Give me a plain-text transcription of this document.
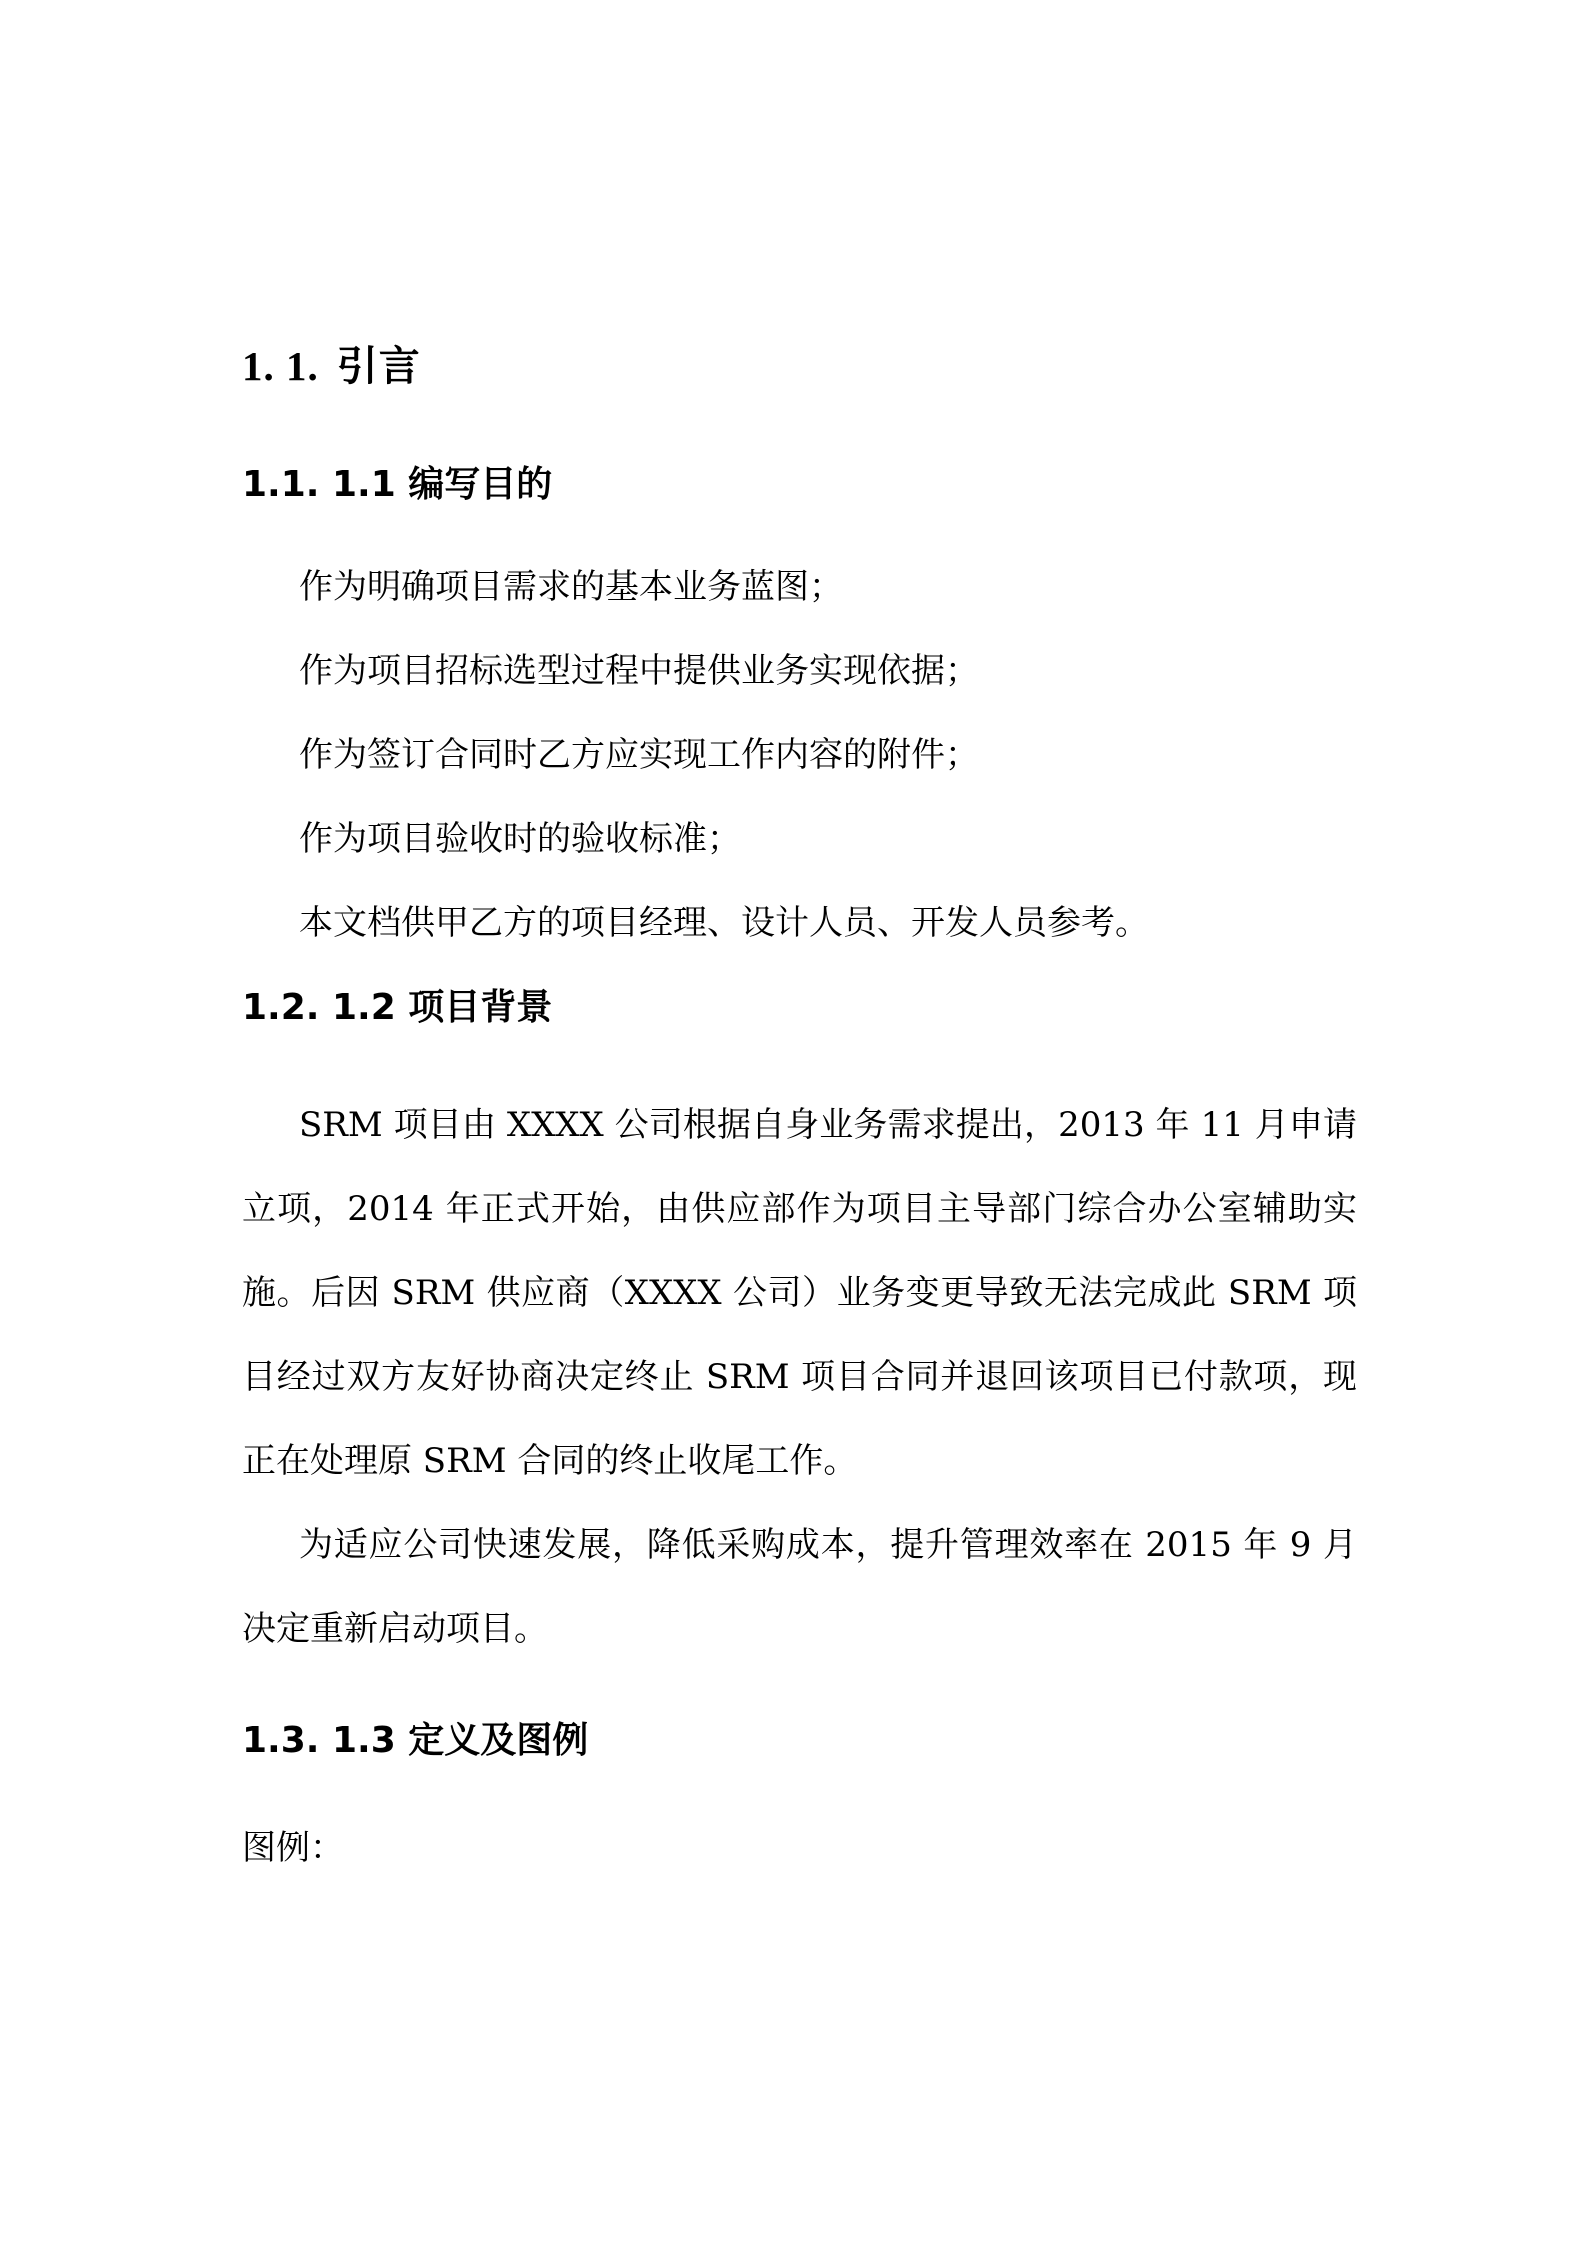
1. 1. 引言
1.1. 1.1 编写目的

作为明确项目需求的基本业务蓝图；

作为项目招标选型过程中提供业务实现依据；

作为签订合同时乙方应实现工作内容的附件；

作为项目验收时的验收标准；

本文档供甲乙方的项目经理、设计人员、开发人员参考。

1.2. 1.2 项目背景

SRM 项目由 XXXX 公司根据自身业务需求提出，2013 年 11 月申请立项，2014 年正式开始，由供应部作为项目主导部门综合办公室辅助实施。后因 SRM 供应商（XXXX 公司）业务变更导致无法完成此 SRM 项目经过双方友好协商决定终止 SRM 项目合同并退回该项目已付款项，现正在处理原 SRM 合同的终止收尾工作。

为适应公司快速发展，降低采购成本，提升管理效率在 2015 年 9 月决定重新启动项目。

1.3. 1.3 定义及图例

图例：
